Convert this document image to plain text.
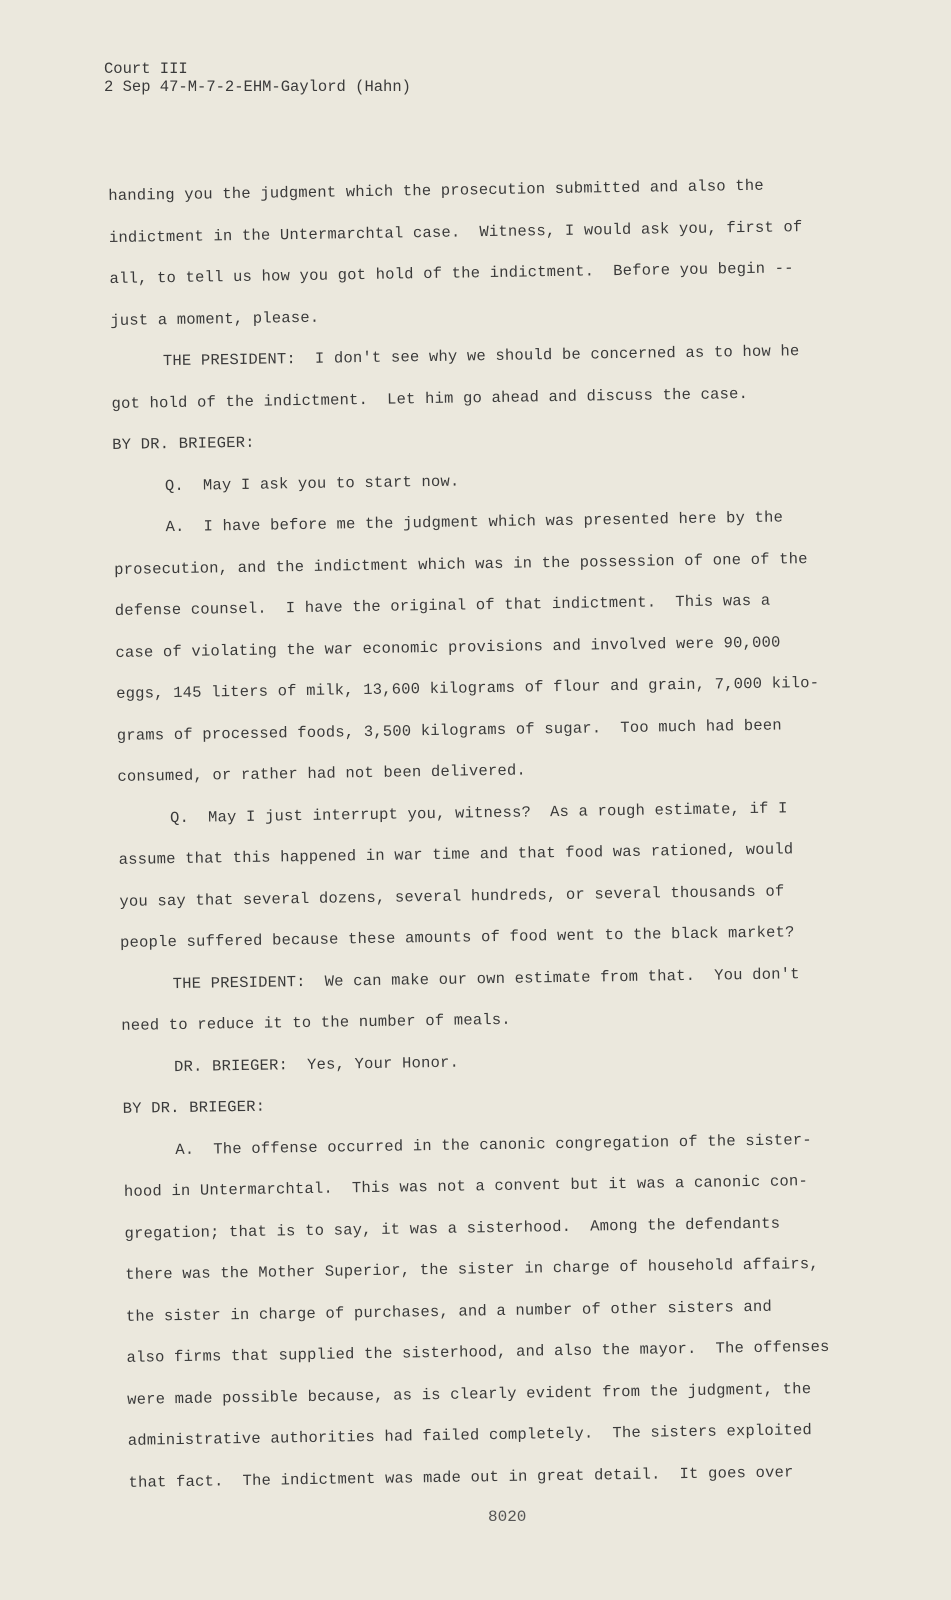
Court III
2 Sep 47-M-7-2-EHM-Gaylord (Hahn)
handing you the judgment which the prosecution submitted and also the
indictment in the Untermarchtal case.  Witness, I would ask you, first of
all, to tell us how you got hold of the indictment.  Before you begin --
just a moment, please.
THE PRESIDENT:  I don't see why we should be concerned as to how he
got hold of the indictment.  Let him go ahead and discuss the case.
BY DR. BRIEGER:
Q.  May I ask you to start now.
A.  I have before me the judgment which was presented here by the
prosecution, and the indictment which was in the possession of one of the
defense counsel.  I have the original of that indictment.  This was a
case of violating the war economic provisions and involved were 90,000
eggs, 145 liters of milk, 13,600 kilograms of flour and grain, 7,000 kilo-
grams of processed foods, 3,500 kilograms of sugar.  Too much had been
consumed, or rather had not been delivered.
Q.  May I just interrupt you, witness?  As a rough estimate, if I
assume that this happened in war time and that food was rationed, would
you say that several dozens, several hundreds, or several thousands of
people suffered because these amounts of food went to the black market?
THE PRESIDENT:  We can make our own estimate from that.  You don't
need to reduce it to the number of meals.
DR. BRIEGER:  Yes, Your Honor.
BY DR. BRIEGER:
A.  The offense occurred in the canonic congregation of the sister-
hood in Untermarchtal.  This was not a convent but it was a canonic con-
gregation; that is to say, it was a sisterhood.  Among the defendants
there was the Mother Superior, the sister in charge of household affairs,
the sister in charge of purchases, and a number of other sisters and
also firms that supplied the sisterhood, and also the mayor.  The offenses
were made possible because, as is clearly evident from the judgment, the
administrative authorities had failed completely.  The sisters exploited
that fact.  The indictment was made out in great detail.  It goes over
8020
